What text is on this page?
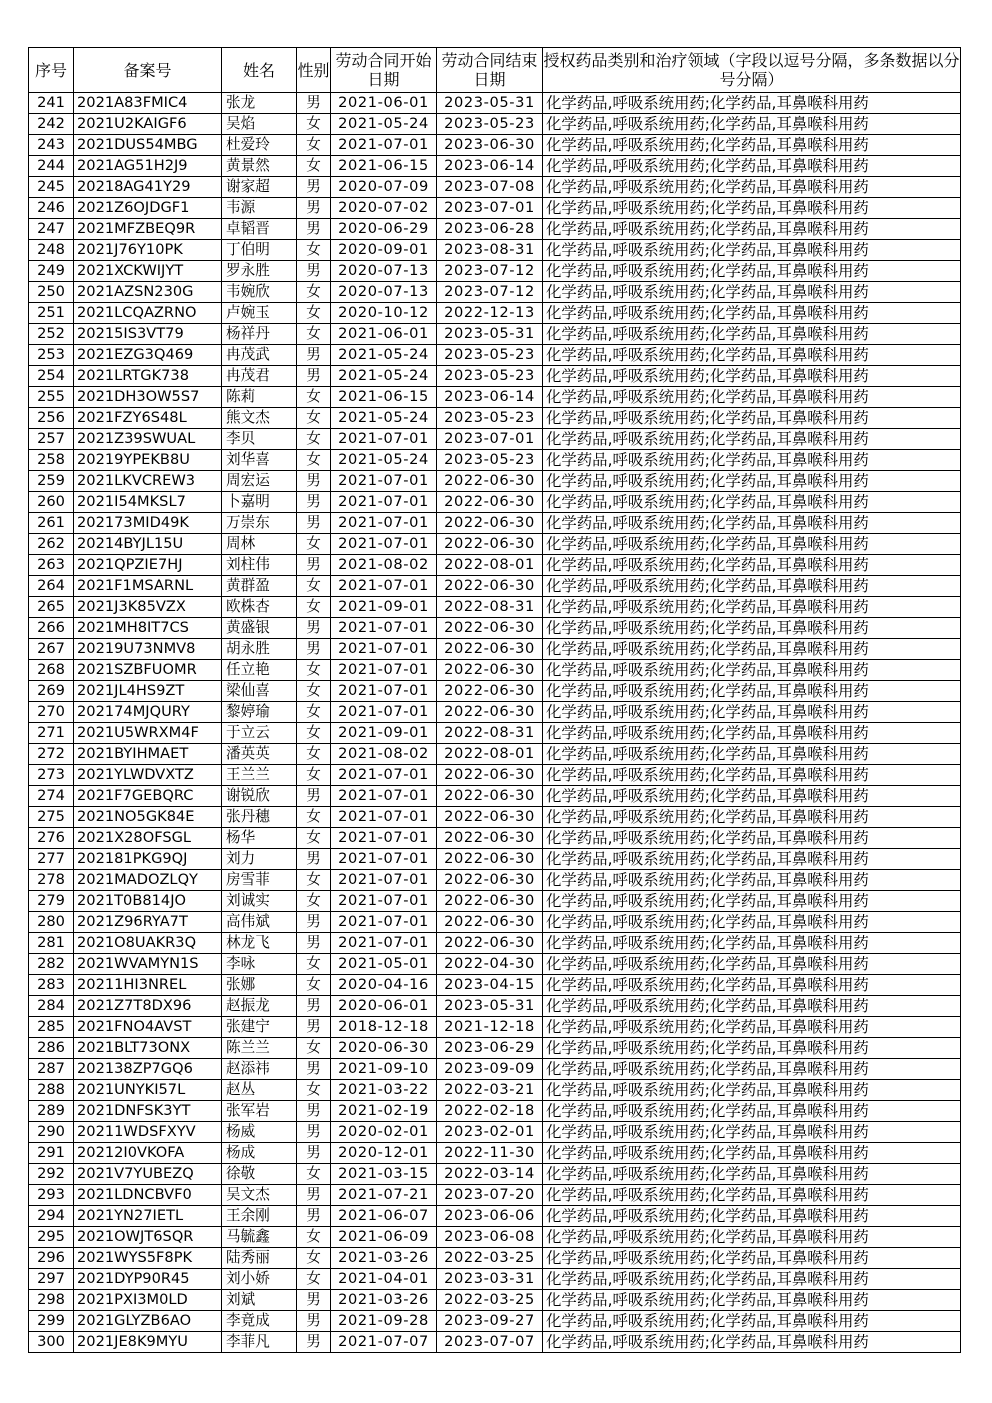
序号	备案号	姓名	性别	劳动合同开始日期	劳动合同结束日期	授权药品类别和治疗领域（字段以逗号分隔，多条数据以分号分隔）
241	2021A83FMIC4	张龙	男	2021-06-01	2023-05-31	化学药品,呼吸系统用药;化学药品,耳鼻喉科用药
242	2021U2KAIGF6	吴焰	女	2021-05-24	2023-05-23	化学药品,呼吸系统用药;化学药品,耳鼻喉科用药
243	2021DUS54MBG	杜爱玲	女	2021-07-01	2023-06-30	化学药品,呼吸系统用药;化学药品,耳鼻喉科用药
244	2021AG51H2J9	黄景然	女	2021-06-15	2023-06-14	化学药品,呼吸系统用药;化学药品,耳鼻喉科用药
245	20218AG41Y29	谢家超	男	2020-07-09	2023-07-08	化学药品,呼吸系统用药;化学药品,耳鼻喉科用药
246	2021Z6OJDGF1	韦源	男	2020-07-02	2023-07-01	化学药品,呼吸系统用药;化学药品,耳鼻喉科用药
247	2021MFZBEQ9R	卓韬晋	男	2020-06-29	2023-06-28	化学药品,呼吸系统用药;化学药品,耳鼻喉科用药
248	2021J76Y10PK	丁伯明	女	2020-09-01	2023-08-31	化学药品,呼吸系统用药;化学药品,耳鼻喉科用药
249	2021XCKWIJYT	罗永胜	男	2020-07-13	2023-07-12	化学药品,呼吸系统用药;化学药品,耳鼻喉科用药
250	2021AZSN230G	韦婉欣	女	2020-07-13	2023-07-12	化学药品,呼吸系统用药;化学药品,耳鼻喉科用药
251	2021LCQAZRNO	卢婉玉	女	2020-10-12	2022-12-13	化学药品,呼吸系统用药;化学药品,耳鼻喉科用药
252	20215IS3VT79	杨祥丹	女	2021-06-01	2023-05-31	化学药品,呼吸系统用药;化学药品,耳鼻喉科用药
253	2021EZG3Q469	冉茂武	男	2021-05-24	2023-05-23	化学药品,呼吸系统用药;化学药品,耳鼻喉科用药
254	2021LRTGK738	冉茂君	男	2021-05-24	2023-05-23	化学药品,呼吸系统用药;化学药品,耳鼻喉科用药
255	2021DH3OW5S7	陈莉	女	2021-06-15	2023-06-14	化学药品,呼吸系统用药;化学药品,耳鼻喉科用药
256	2021FZY6S48L	熊文杰	女	2021-05-24	2023-05-23	化学药品,呼吸系统用药;化学药品,耳鼻喉科用药
257	2021Z39SWUAL	李贝	女	2021-07-01	2023-07-01	化学药品,呼吸系统用药;化学药品,耳鼻喉科用药
258	20219YPEKB8U	刘华喜	女	2021-05-24	2023-05-23	化学药品,呼吸系统用药;化学药品,耳鼻喉科用药
259	2021LKVCREW3	周宏运	男	2021-07-01	2022-06-30	化学药品,呼吸系统用药;化学药品,耳鼻喉科用药
260	2021I54MKSL7	卜嘉明	男	2021-07-01	2022-06-30	化学药品,呼吸系统用药;化学药品,耳鼻喉科用药
261	202173MID49K	万崇东	男	2021-07-01	2022-06-30	化学药品,呼吸系统用药;化学药品,耳鼻喉科用药
262	20214BYJL15U	周林	女	2021-07-01	2022-06-30	化学药品,呼吸系统用药;化学药品,耳鼻喉科用药
263	2021QPZIE7HJ	刘柱伟	男	2021-08-02	2022-08-01	化学药品,呼吸系统用药;化学药品,耳鼻喉科用药
264	2021F1MSARNL	黄群盈	女	2021-07-01	2022-06-30	化学药品,呼吸系统用药;化学药品,耳鼻喉科用药
265	2021J3K85VZX	欧株杏	女	2021-09-01	2022-08-31	化学药品,呼吸系统用药;化学药品,耳鼻喉科用药
266	2021MH8IT7CS	黄盛银	男	2021-07-01	2022-06-30	化学药品,呼吸系统用药;化学药品,耳鼻喉科用药
267	20219U73NMV8	胡永胜	男	2021-07-01	2022-06-30	化学药品,呼吸系统用药;化学药品,耳鼻喉科用药
268	2021SZBFUOMR	任立艳	女	2021-07-01	2022-06-30	化学药品,呼吸系统用药;化学药品,耳鼻喉科用药
269	2021JL4HS9ZT	梁仙喜	女	2021-07-01	2022-06-30	化学药品,呼吸系统用药;化学药品,耳鼻喉科用药
270	202174MJQURY	黎婷瑜	女	2021-07-01	2022-06-30	化学药品,呼吸系统用药;化学药品,耳鼻喉科用药
271	2021U5WRXM4F	于立云	女	2021-09-01	2022-08-31	化学药品,呼吸系统用药;化学药品,耳鼻喉科用药
272	2021BYIHMAET	潘英英	女	2021-08-02	2022-08-01	化学药品,呼吸系统用药;化学药品,耳鼻喉科用药
273	2021YLWDVXTZ	王兰兰	女	2021-07-01	2022-06-30	化学药品,呼吸系统用药;化学药品,耳鼻喉科用药
274	2021F7GEBQRC	谢锐欣	男	2021-07-01	2022-06-30	化学药品,呼吸系统用药;化学药品,耳鼻喉科用药
275	2021NO5GK84E	张丹穗	女	2021-07-01	2022-06-30	化学药品,呼吸系统用药;化学药品,耳鼻喉科用药
276	2021X28OFSGL	杨华	女	2021-07-01	2022-06-30	化学药品,呼吸系统用药;化学药品,耳鼻喉科用药
277	202181PKG9QJ	刘力	男	2021-07-01	2022-06-30	化学药品,呼吸系统用药;化学药品,耳鼻喉科用药
278	2021MADOZLQY	房雪菲	女	2021-07-01	2022-06-30	化学药品,呼吸系统用药;化学药品,耳鼻喉科用药
279	2021T0B814JO	刘诚实	女	2021-07-01	2022-06-30	化学药品,呼吸系统用药;化学药品,耳鼻喉科用药
280	2021Z96RYA7T	高伟斌	男	2021-07-01	2022-06-30	化学药品,呼吸系统用药;化学药品,耳鼻喉科用药
281	2021O8UAKR3Q	林龙飞	男	2021-07-01	2022-06-30	化学药品,呼吸系统用药;化学药品,耳鼻喉科用药
282	2021WVAMYN1S	李咏	女	2021-05-01	2022-04-30	化学药品,呼吸系统用药;化学药品,耳鼻喉科用药
283	20211HI3NREL	张娜	女	2020-04-16	2023-04-15	化学药品,呼吸系统用药;化学药品,耳鼻喉科用药
284	2021Z7T8DX96	赵振龙	男	2020-06-01	2023-05-31	化学药品,呼吸系统用药;化学药品,耳鼻喉科用药
285	2021FNO4AVST	张建宁	男	2018-12-18	2021-12-18	化学药品,呼吸系统用药;化学药品,耳鼻喉科用药
286	2021BLT73ONX	陈兰兰	女	2020-06-30	2023-06-29	化学药品,呼吸系统用药;化学药品,耳鼻喉科用药
287	202138ZP7GQ6	赵添祎	男	2021-09-10	2023-09-09	化学药品,呼吸系统用药;化学药品,耳鼻喉科用药
288	2021UNYKI57L	赵丛	女	2021-03-22	2022-03-21	化学药品,呼吸系统用药;化学药品,耳鼻喉科用药
289	2021DNFSK3YT	张军岩	男	2021-02-19	2022-02-18	化学药品,呼吸系统用药;化学药品,耳鼻喉科用药
290	20211WDSFXYV	杨威	男	2020-02-01	2023-02-01	化学药品,呼吸系统用药;化学药品,耳鼻喉科用药
291	20212I0VKOFA	杨成	男	2020-12-01	2022-11-30	化学药品,呼吸系统用药;化学药品,耳鼻喉科用药
292	2021V7YUBEZQ	徐敬	女	2021-03-15	2022-03-14	化学药品,呼吸系统用药;化学药品,耳鼻喉科用药
293	2021LDNCBVF0	吴文杰	男	2021-07-21	2023-07-20	化学药品,呼吸系统用药;化学药品,耳鼻喉科用药
294	2021YN27IETL	王余刚	男	2021-06-07	2023-06-06	化学药品,呼吸系统用药;化学药品,耳鼻喉科用药
295	2021OWJT6SQR	马毓鑫	女	2021-06-09	2023-06-08	化学药品,呼吸系统用药;化学药品,耳鼻喉科用药
296	2021WYS5F8PK	陆秀丽	女	2021-03-26	2022-03-25	化学药品,呼吸系统用药;化学药品,耳鼻喉科用药
297	2021DYP90R45	刘小娇	女	2021-04-01	2023-03-31	化学药品,呼吸系统用药;化学药品,耳鼻喉科用药
298	2021PXI3M0LD	刘斌	男	2021-03-26	2022-03-25	化学药品,呼吸系统用药;化学药品,耳鼻喉科用药
299	2021GLYZB6AO	李竟成	男	2021-09-28	2023-09-27	化学药品,呼吸系统用药;化学药品,耳鼻喉科用药
300	2021JE8K9MYU	李菲凡	男	2021-07-07	2023-07-07	化学药品,呼吸系统用药;化学药品,耳鼻喉科用药
